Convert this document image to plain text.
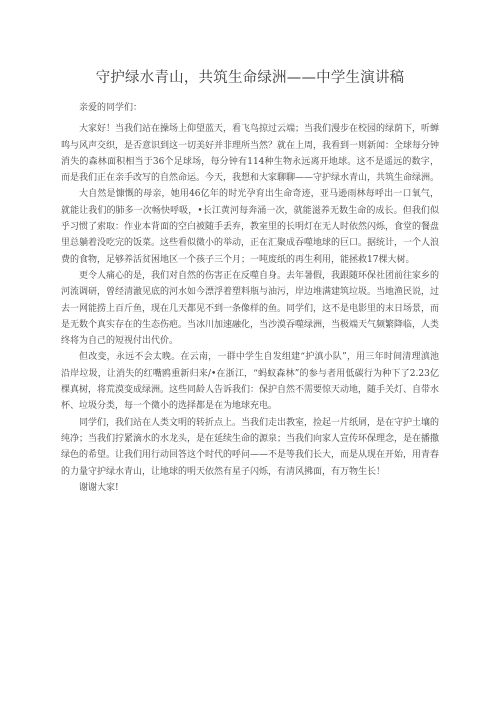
守护绿水青山，共筑生命绿洲——中学生演讲稿

亲爱的同学们：

大家好！当我们站在操场上仰望蓝天，看飞鸟掠过云端；当我们漫步在校园的绿荫下，听蝉鸣与风声交织，是否意识到这一切美好并非理所当然？就在上周，我看到一则新闻：全球每分钟消失的森林面积相当于36个足球场，每分钟有114种生物永远离开地球。这不是遥远的数字，而是我们正在亲手改写的自然命运。今天，我想和大家聊聊——守护绿水青山，共筑生命绿洲。

大自然是慷慨的母亲，她用46亿年的时光孕育出生命奇迹，亚马逊雨林每呼出一口氧气，就能让我们的肺多一次畅快呼吸，•长江黄河每奔涌一次，就能滋养无数生命的成长。但我们似乎习惯了索取：作业本背面的空白被随手丢弃，教室里的长明灯在无人时依然闪烁，食堂的餐盘里总躺着没吃完的饭菜。这些看似微小的举动，正在汇聚成吞噬地球的巨口。据统计，一个人浪费的食物，足够养活贫困地区一个孩子三个月；一吨废纸的再生利用，能拯救17棵大树。

更令人痛心的是，我们对自然的伤害正在反噬自身。去年暑假，我跟随环保社团前往家乡的河流调研，曾经清澈见底的河水如今漂浮着塑料瓶与油污，岸边堆满建筑垃圾。当地渔民说，过去一网能捞上百斤鱼，现在几天都见不到一条像样的鱼。同学们，这不是电影里的末日场景，而是无数个真实存在的生态伤疤。当冰川加速融化，当沙漠吞噬绿洲，当极端天气频繁降临，人类终将为自己的短视付出代价。

但改变，永远不会太晚。在云南，一群中学生自发组建“护滇小队”，用三年时间清理滇池沿岸垃圾，让消失的红嘴鸥重新归来/•在浙江，“蚂蚁森林”的参与者用低碳行为种下了2.23亿棵真树，将荒漠变成绿洲。这些同龄人告诉我们：保护自然不需要惊天动地，随手关灯、自带水杯、垃圾分类，每一个微小的选择都是在为地球充电。

同学们，我们站在人类文明的转折点上。当我们走出教室，捡起一片纸屑，是在守护土壤的纯净；当我们拧紧滴水的水龙头，是在延续生命的源泉；当我们向家人宣传环保理念，是在播撒绿色的希望。让我们用行动回答这个时代的呼问——不是等我们长大，而是从现在开始，用青春的力量守护绿水青山，让地球的明天依然有星子闪烁，有清风拂面，有万物生长！

谢谢大家!
